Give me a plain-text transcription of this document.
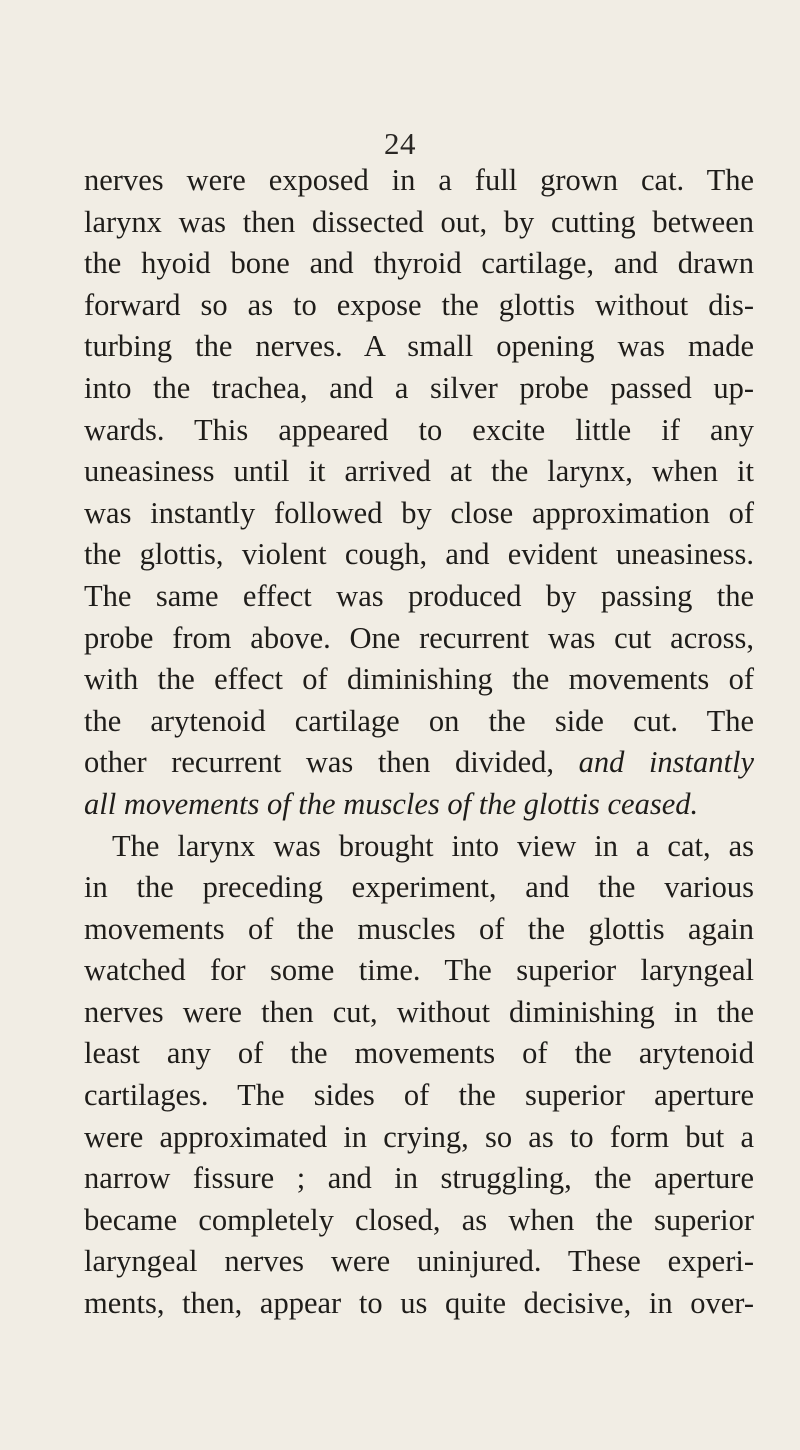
24
nerves were exposed in a full grown cat. The
larynx was then dissected out, by cutting between
the hyoid bone and thyroid cartilage, and drawn
forward so as to expose the glottis without dis-
turbing the nerves. A small opening was made
into the trachea, and a silver probe passed up-
wards. This appeared to excite little if any
uneasiness until it arrived at the larynx, when it
was instantly followed by close approximation of
the glottis, violent cough, and evident uneasiness.
The same effect was produced by passing the
probe from above. One recurrent was cut across,
with the effect of diminishing the movements of
the arytenoid cartilage on the side cut. The
other recurrent was then divided, and instantly
all movements of the muscles of the glottis ceased.
The larynx was brought into view in a cat, as
in the preceding experiment, and the various
movements of the muscles of the glottis again
watched for some time. The superior laryngeal
nerves were then cut, without diminishing in the
least any of the movements of the arytenoid
cartilages. The sides of the superior aperture
were approximated in crying, so as to form but a
narrow fissure ; and in struggling, the aperture
became completely closed, as when the superior
laryngeal nerves were uninjured. These experi-
ments, then, appear to us quite decisive, in over-
